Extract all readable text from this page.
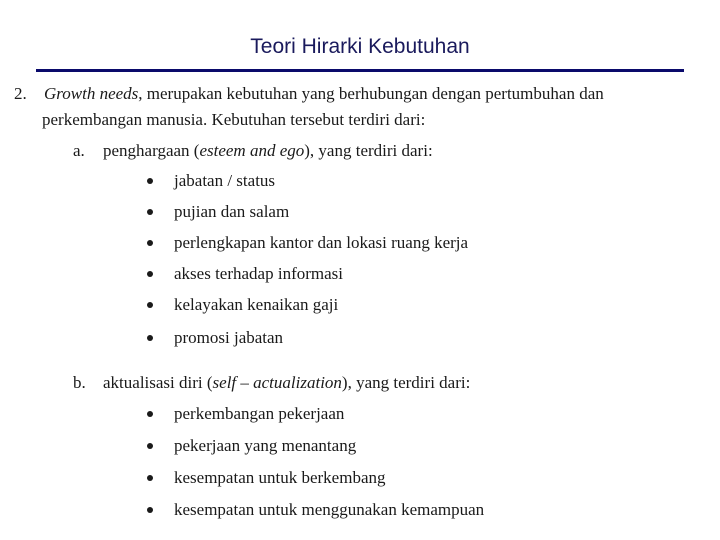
Teori Hirarki Kebutuhan
2. Growth needs, merupakan kebutuhan yang berhubungan dengan pertumbuhan dan
perkembangan manusia. Kebutuhan tersebut terdiri dari:
a. penghargaan (esteem and ego), yang terdiri dari:
jabatan / status
pujian dan salam
perlengkapan kantor dan lokasi ruang kerja
akses terhadap informasi
kelayakan kenaikan gaji
promosi jabatan
b. aktualisasi diri (self – actualization), yang terdiri dari:
perkembangan pekerjaan
pekerjaan yang menantang
kesempatan untuk berkembang
kesempatan untuk menggunakan kemampuan
